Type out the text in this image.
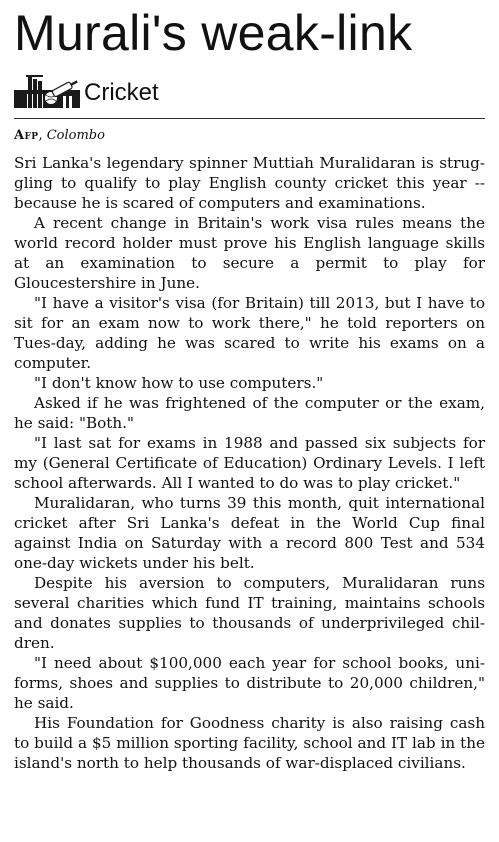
Murali's weak-link
Cricket
Afp, Colombo

Sri Lanka's legendary spinner Muttiah Muralidaran is strug-gling to qualify to play English county cricket this year -- because he is scared of computers and examinations.

A recent change in Britain's work visa rules means the world record holder must prove his English language skills at an examination to secure a permit to play for Gloucestershire in June.

"I have a visitor's visa (for Britain) till 2013, but I have to sit for an exam now to work there," he told reporters on Tues-day, adding he was scared to write his exams on a computer.

"I don't know how to use computers."

Asked if he was frightened of the computer or the exam, he said: "Both."

"I last sat for exams in 1988 and passed six subjects for my (General Certificate of Education) Ordinary Levels. I left school afterwards. All I wanted to do was to play cricket."

Muralidaran, who turns 39 this month, quit international cricket after Sri Lanka's defeat in the World Cup final against India on Saturday with a record 800 Test and 534 one-day wickets under his belt.

Despite his aversion to computers, Muralidaran runs several charities which fund IT training, maintains schools and donates supplies to thousands of underprivileged chil-dren.

"I need about $100,000 each year for school books, uni-forms, shoes and supplies to distribute to 20,000 children," he said.

His Foundation for Goodness charity is also raising cash to build a $5 million sporting facility, school and IT lab in the island's north to help thousands of war-displaced civilians.
